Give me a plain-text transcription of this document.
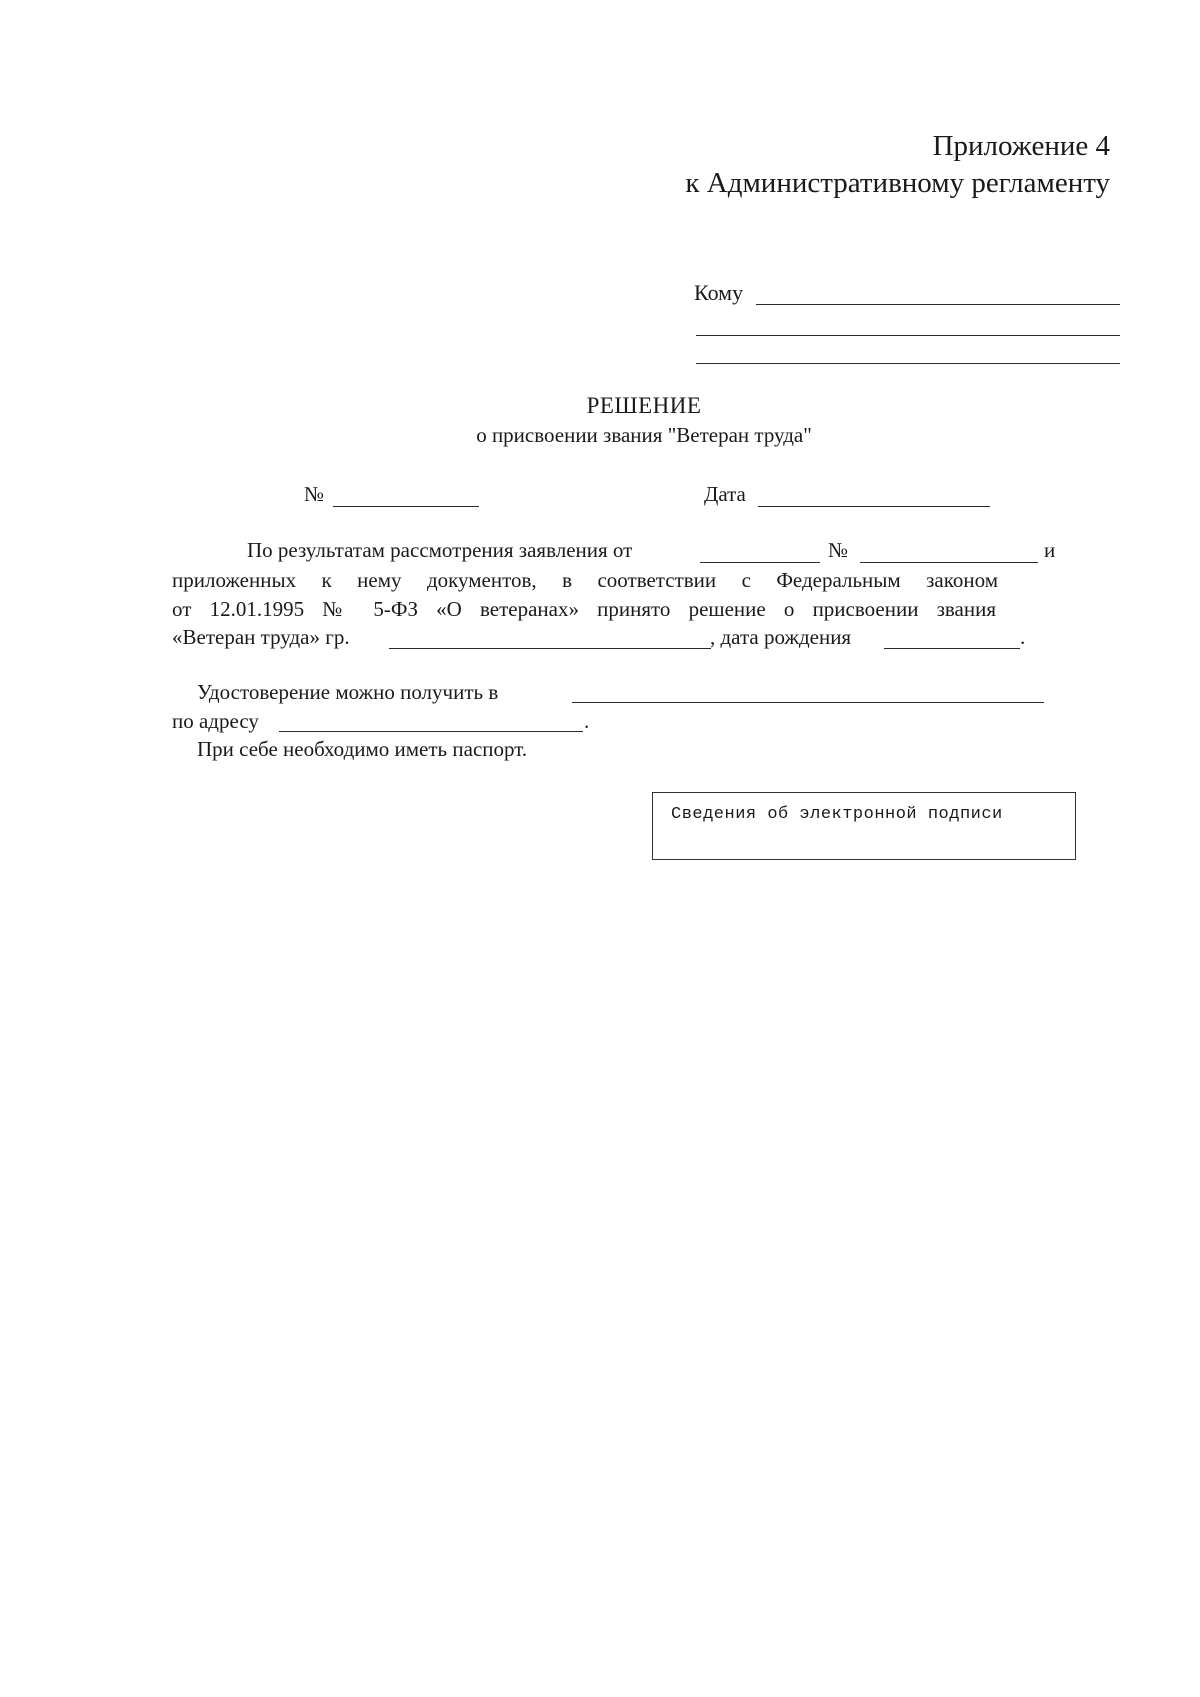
Приложение 4
к Административному регламенту
Кому
РЕШЕНИЕ
о присвоении звания "Ветеран труда"
№	Дата
По результатам рассмотрения заявления от	№	и
приложенных к нему документов, в соответствии с Федеральным законом
от 12.01.1995 № 5-ФЗ «О ветеранах» принято решение о присвоении звания
«Ветеран труда» гр.	, дата рождения	.
Удостоверение можно получить в
по адресу	.
При себе необходимо иметь паспорт.
Сведения об электронной подписи
